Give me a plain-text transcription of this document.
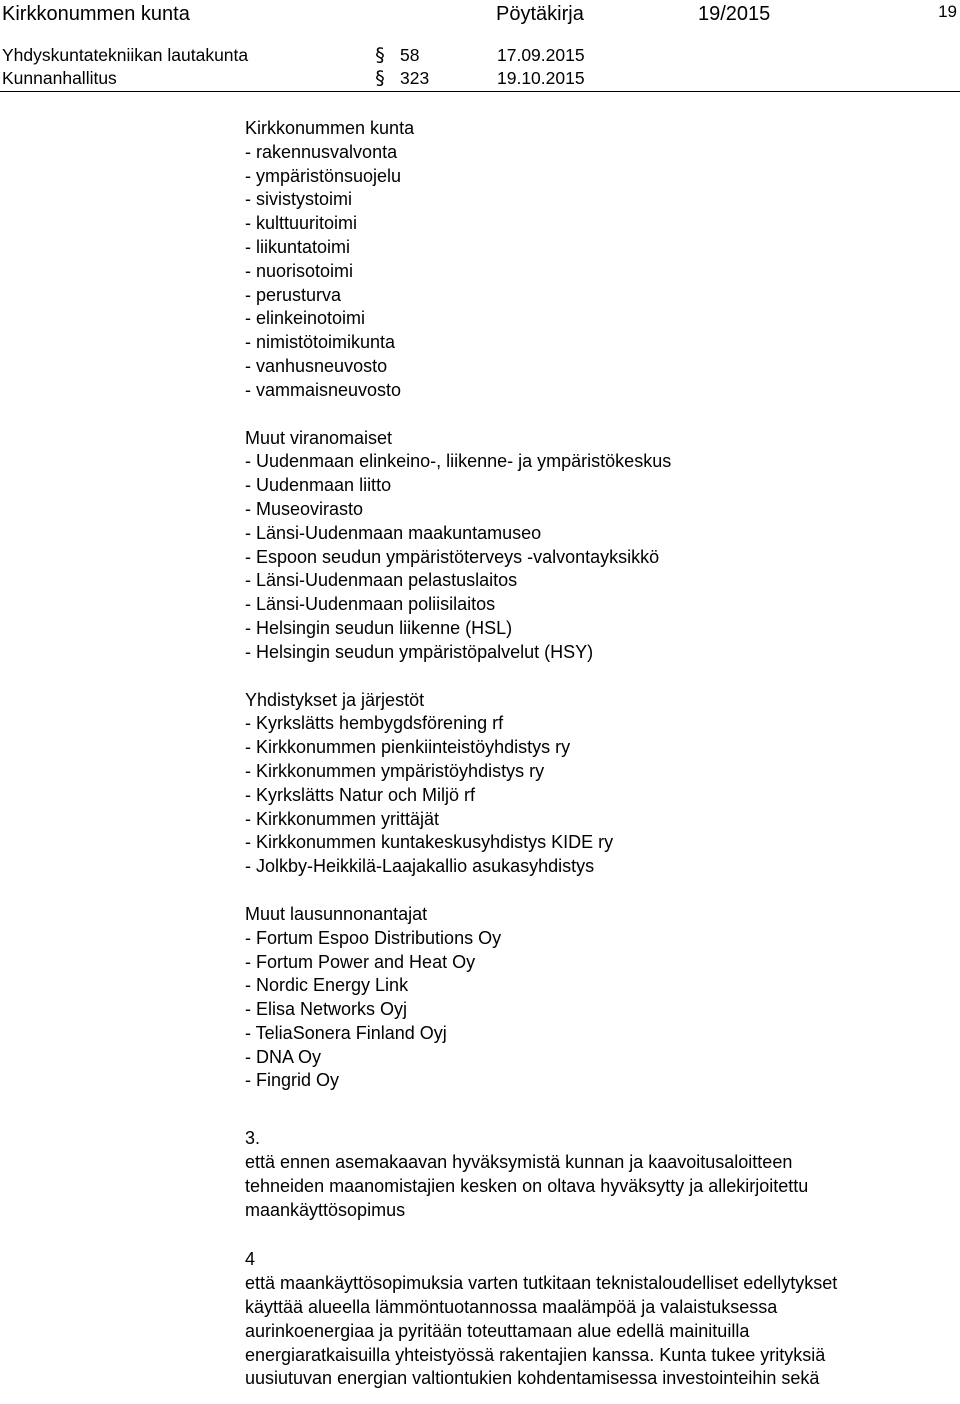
Kirkkonummen kunta	Pöytäkirja	19/2015	19
Yhdyskuntatekniikan lautakunta	§ 58	17.09.2015
Kunnanhallitus	§ 323	19.10.2015
Kirkkonummen kunta
- rakennusvalvonta
- ympäristönsuojelu
- sivistystoimi
- kulttuuritoimi
- liikuntatoimi
- nuorisotoimi
- perusturva
- elinkeinotoimi
- nimistötoimikunta
- vanhusneuvosto
- vammaisneuvosto
Muut viranomaiset
- Uudenmaan elinkeino-, liikenne- ja ympäristökeskus
- Uudenmaan liitto
- Museovirasto
- Länsi-Uudenmaan maakuntamuseo
- Espoon seudun ympäristöterveys -valvontayksikkö
- Länsi-Uudenmaan pelastuslaitos
- Länsi-Uudenmaan poliisilaitos
- Helsingin seudun liikenne (HSL)
- Helsingin seudun ympäristöpalvelut (HSY)
Yhdistykset ja järjestöt
- Kyrkslätts hembygdsförening rf
- Kirkkonummen pienkiinteistöyhdistys ry
- Kirkkonummen ympäristöyhdistys ry
- Kyrkslätts Natur och Miljö rf
- Kirkkonummen yrittäjät
- Kirkkonummen kuntakeskusyhdistys KIDE ry
- Jolkby-Heikkilä-Laajakallio asukasyhdistys
Muut lausunnonantajat
- Fortum Espoo Distributions Oy
- Fortum Power and Heat Oy
- Nordic Energy Link
- Elisa Networks Oyj
- TeliaSonera Finland Oyj
- DNA Oy
- Fingrid Oy
3.
että ennen asemakaavan hyväksymistä kunnan ja kaavoitusaloitteen
tehneiden maanomistajien kesken on oltava hyväksytty ja allekirjoitettu
maankäyttösopimus
4
että maankäyttösopimuksia varten tutkitaan teknistaloudelliset edellytykset
käyttää alueella lämmöntuotannossa maalämpöä ja valaistuksessa
aurinkoenergiaa ja pyritään toteuttamaan alue edellä mainituilla
energiaratkaisuilla yhteistyössä rakentajien kanssa. Kunta tukee yrityksiä
uusiutuvan energian valtiontukien kohdentamisessa investointeihin sekä
